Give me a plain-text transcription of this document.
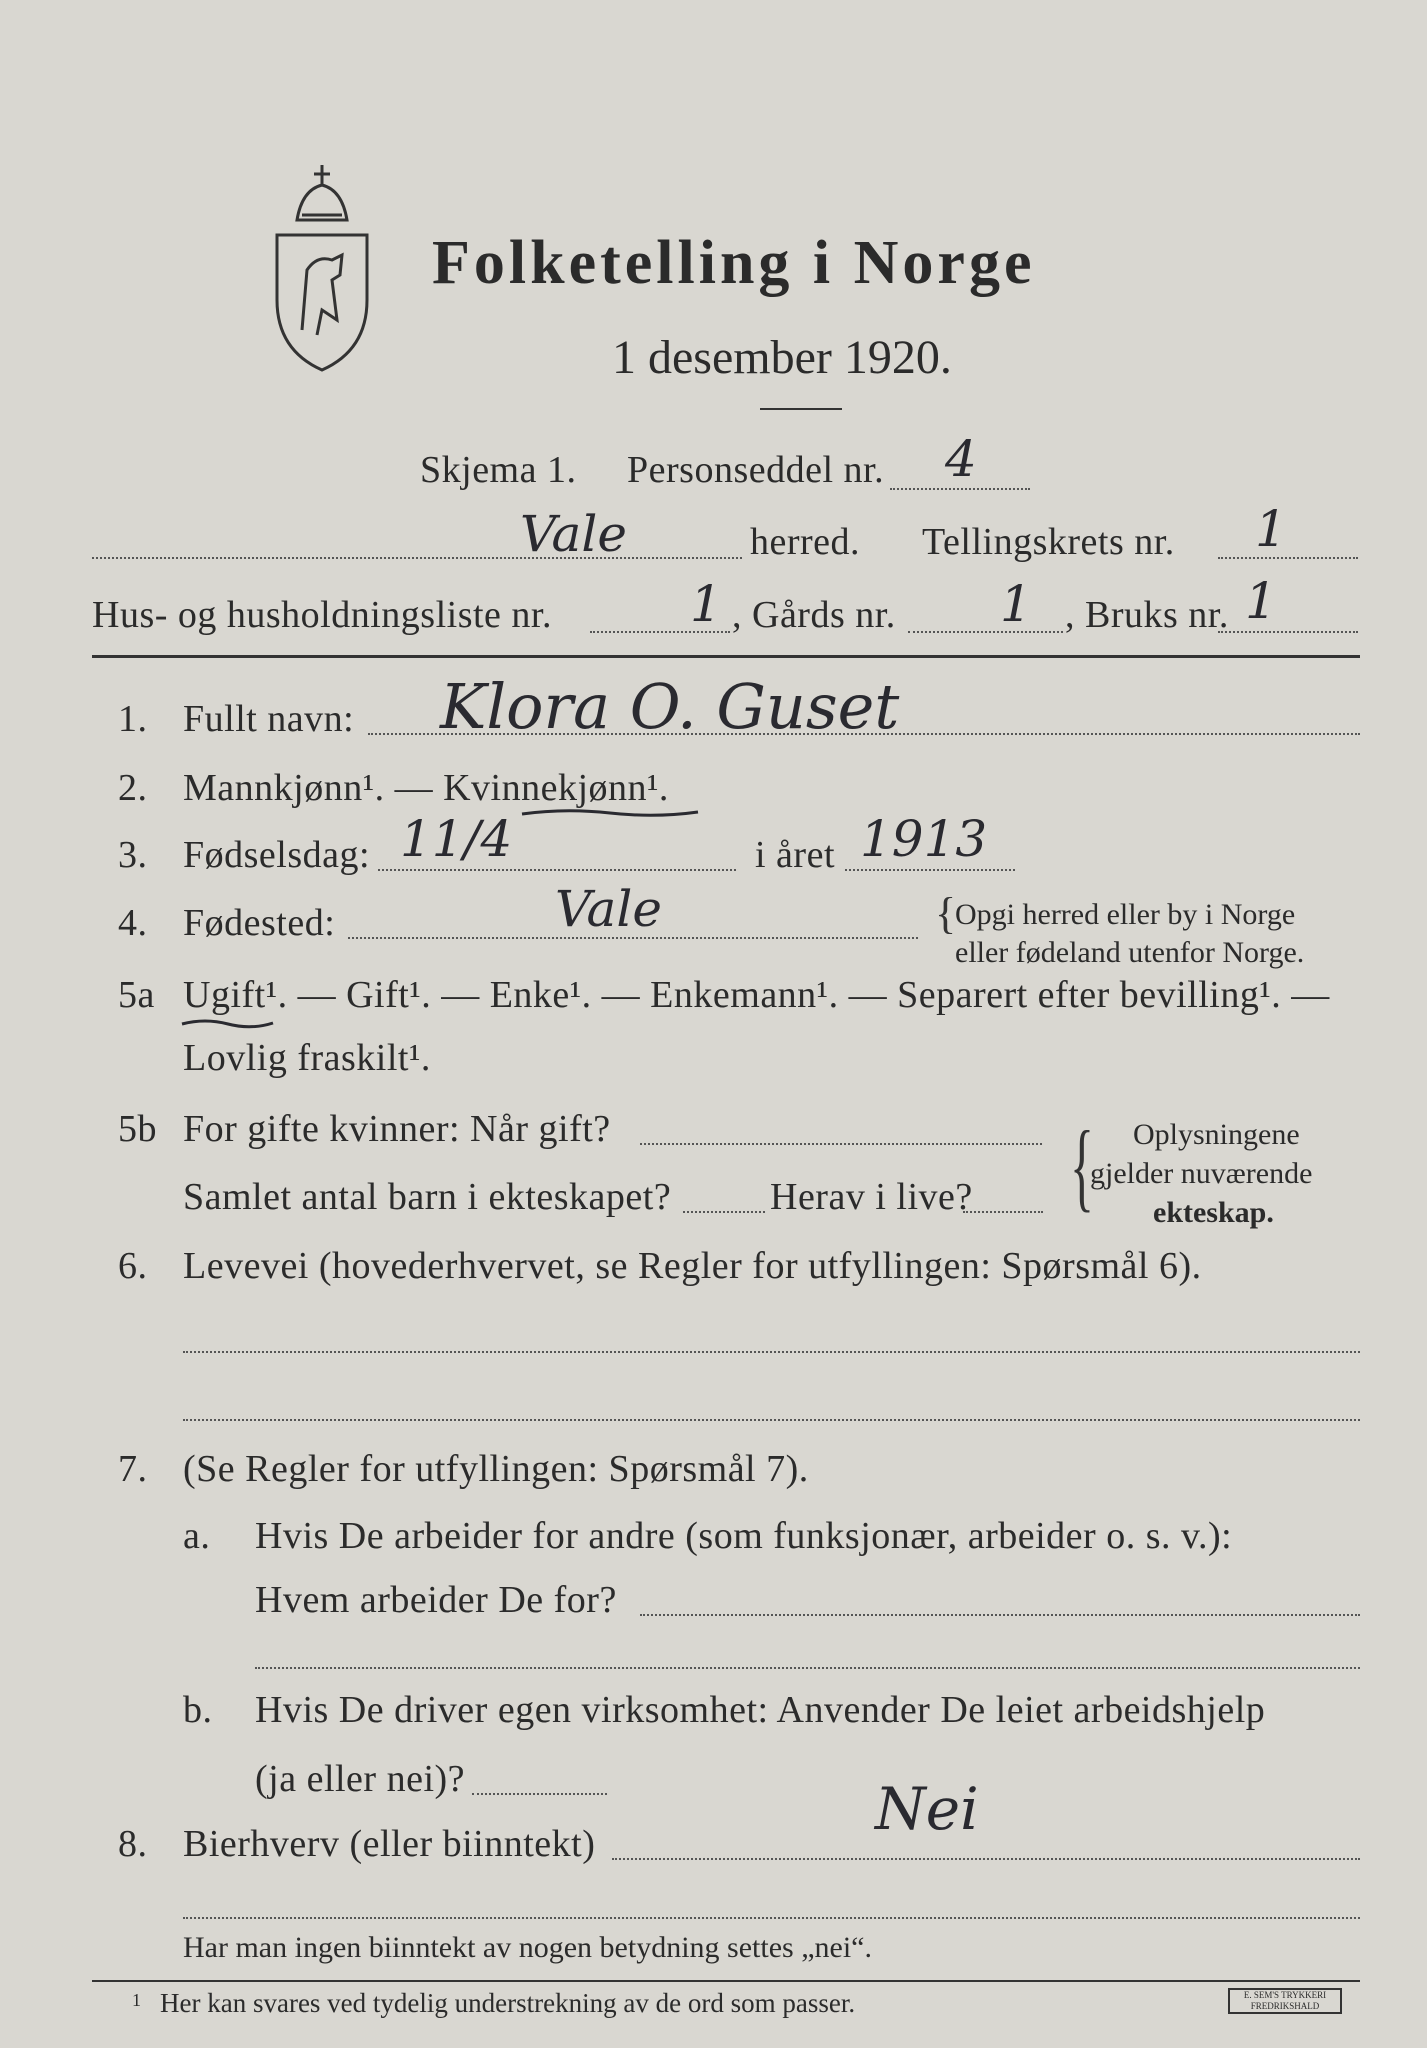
Folketelling i Norge
1 desember 1920.
Skjema 1. Personseddel nr. 4
Vale	herred. Tellingskrets nr. 1
Hus- og husholdningsliste nr.	1 , Gårds nr. 1 , Bruks nr. 1
1. Fullt navn: Klora O. Guset
2. Mannkjønn¹. — Kvinnekjønn¹.
3. Fødselsdag: 11/4	i året 1913
4. Fødested:	Vale	{
Opgi herred eller by i Norge
eller fødeland utenfor Norge.
5a Ugift¹. — Gift¹. — Enke¹. — Enkemann¹. — Separert efter bevilling¹. —
Lovlig fraskilt¹.
5b For gifte kvinner: Når gift?
Samlet antal barn i ekteskapet?	Herav i live? { Oplysningene
gjelder nuværende
ekteskap.
6. Levevei (hovederhvervet, se Regler for utfyllingen: Spørsmål 6).
7. (Se Regler for utfyllingen: Spørsmål 7).
a. Hvis De arbeider for andre (som funksjonær, arbeider o. s. v.):
Hvem arbeider De for?
b. Hvis De driver egen virksomhet: Anvender De leiet arbeidshjelp
(ja eller nei)?
8. Bierhverv (eller biinntekt)
Nei
Har man ingen biinntekt av nogen betydning settes „nei“.
1 Her kan svares ved tydelig understrekning av de ord som passer.	E. SEM'S TRYKKERI FREDRIKSHALD
